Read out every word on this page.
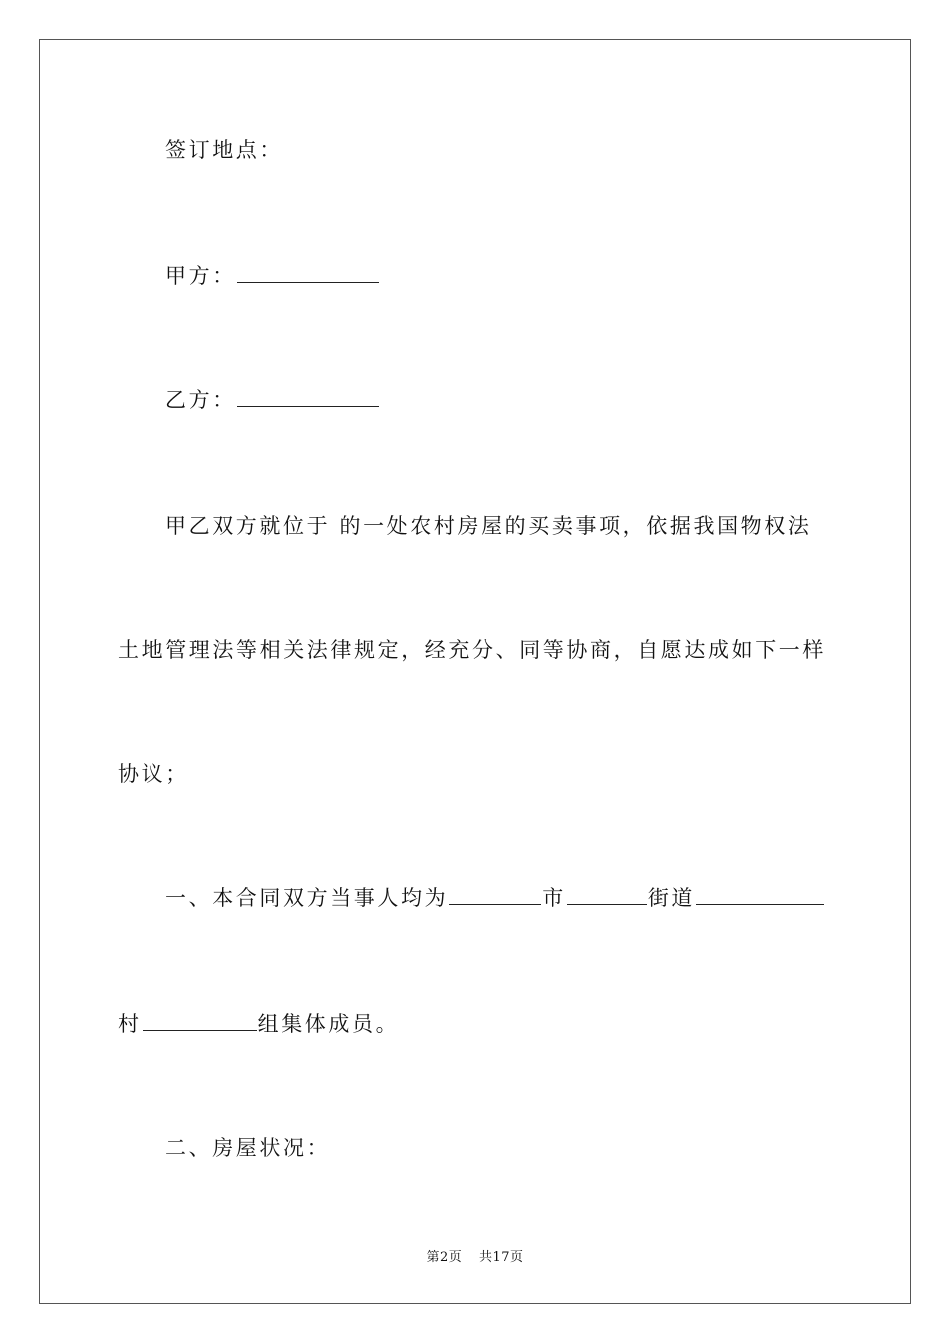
签订地点：
甲方：
乙方：
甲乙双方就位于 的一处农村房屋的买卖事项，依据我国物权法
土地管理法等相关法律规定，经充分、同等协商，自愿达成如下一样
协议；
一、本合同双方当事人均为	市	街道
村	组集体成员。
二、房屋状况：
第2页 共17页
